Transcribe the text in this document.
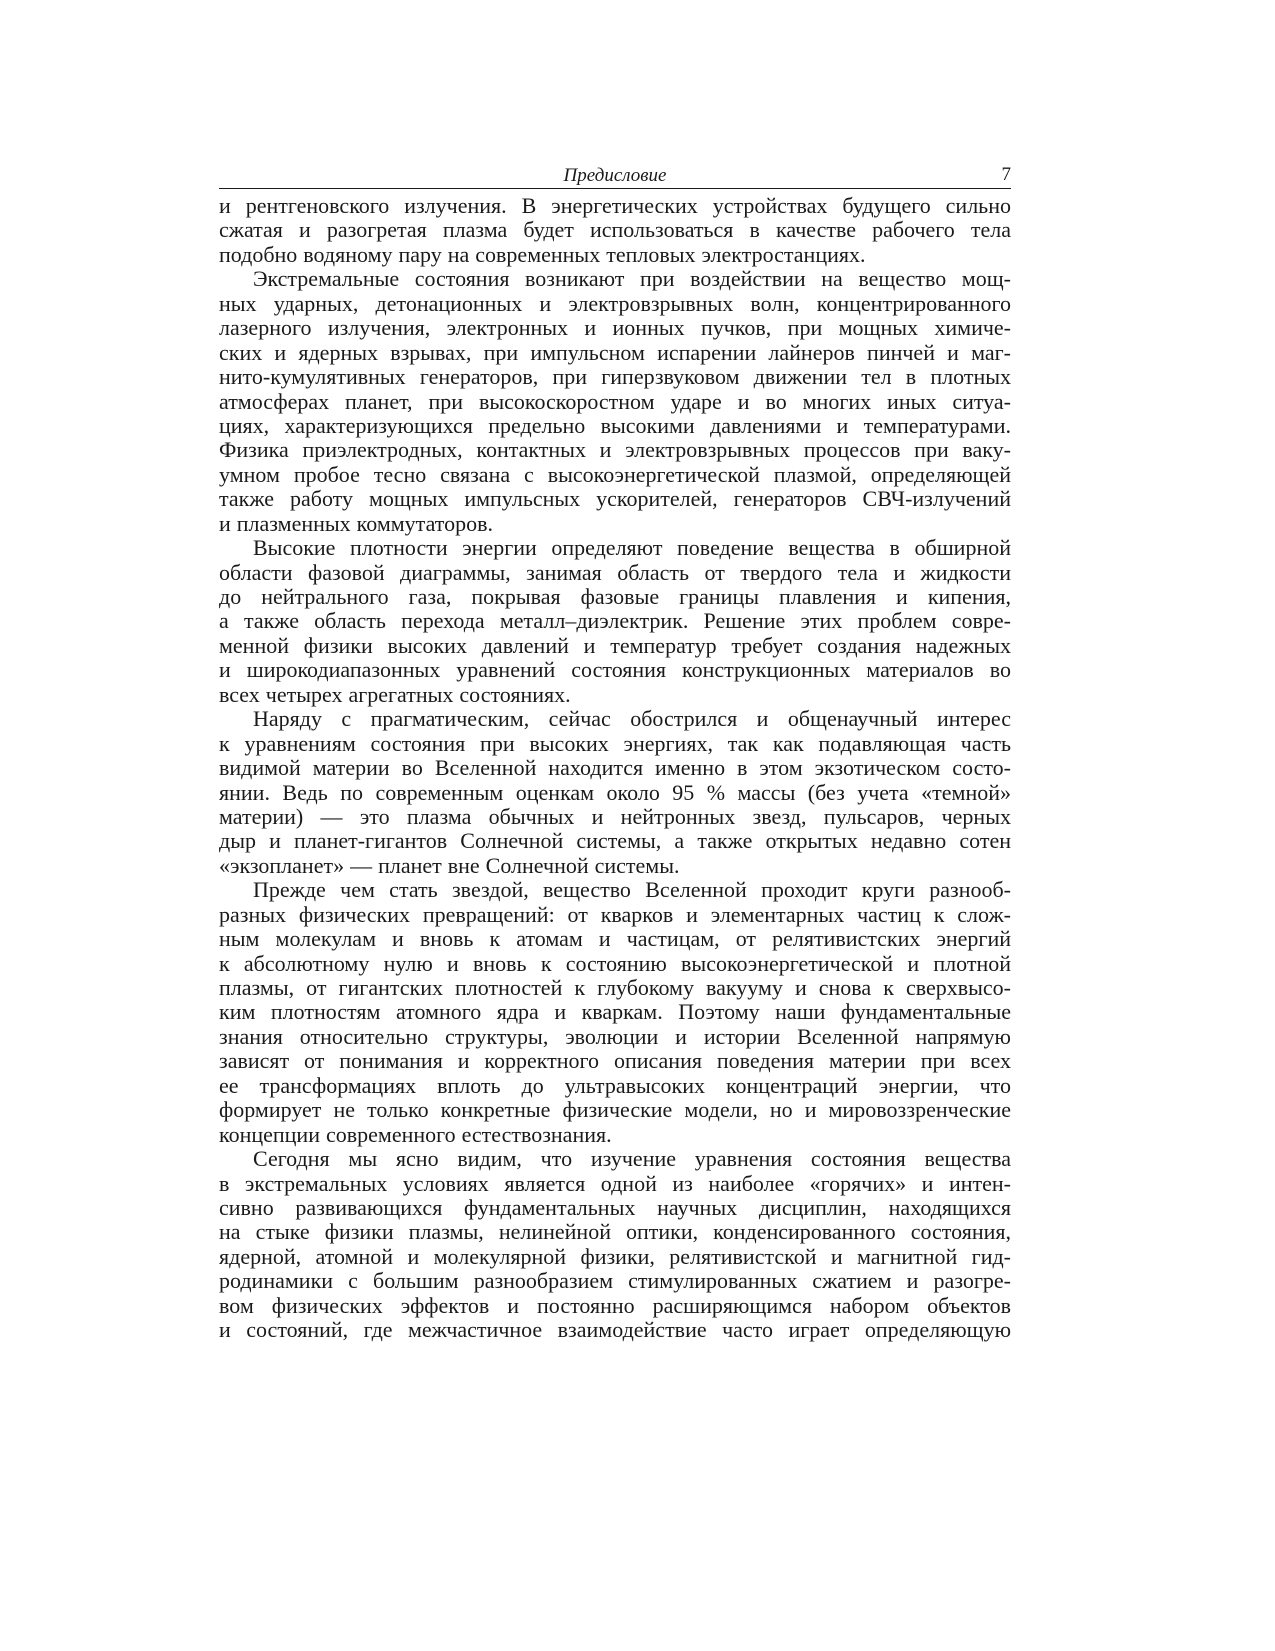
Предисловие	7
и рентгеновского излучения. В энергетических устройствах будущего сильно
сжатая и разогретая плазма будет использоваться в качестве рабочего тела
подобно водяному пару на современных тепловых электростанциях.
Экстремальные состояния возникают при воздействии на вещество мощ-
ных ударных, детонационных и электровзрывных волн, концентрированного
лазерного излучения, электронных и ионных пучков, при мощных химиче-
ских и ядерных взрывах, при импульсном испарении лайнеров пинчей и маг-
нито-кумулятивных генераторов, при гиперзвуковом движении тел в плотных
атмосферах планет, при высокоскоростном ударе и во многих иных ситуа-
циях, характеризующихся предельно высокими давлениями и температурами.
Физика приэлектродных, контактных и электровзрывных процессов при ваку-
умном пробое тесно связана с высокоэнергетической плазмой, определяющей
также работу мощных импульсных ускорителей, генераторов СВЧ-излучений
и плазменных коммутаторов.
Высокие плотности энергии определяют поведение вещества в обширной
области фазовой диаграммы, занимая область от твердого тела и жидкости
до нейтрального газа, покрывая фазовые границы плавления и кипения,
а также область перехода металл–диэлектрик. Решение этих проблем совре-
менной физики высоких давлений и температур требует создания надежных
и широкодиапазонных уравнений состояния конструкционных материалов во
всех четырех агрегатных состояниях.
Наряду с прагматическим, сейчас обострился и общенаучный интерес
к уравнениям состояния при высоких энергиях, так как подавляющая часть
видимой материи во Вселенной находится именно в этом экзотическом состо-
янии. Ведь по современным оценкам около 95 % массы (без учета «темной»
материи) — это плазма обычных и нейтронных звезд, пульсаров, черных
дыр и планет-гигантов Солнечной системы, а также открытых недавно сотен
«экзопланет» — планет вне Солнечной системы.
Прежде чем стать звездой, вещество Вселенной проходит круги разнооб-
разных физических превращений: от кварков и элементарных частиц к слож-
ным молекулам и вновь к атомам и частицам, от релятивистских энергий
к абсолютному нулю и вновь к состоянию высокоэнергетической и плотной
плазмы, от гигантских плотностей к глубокому вакууму и снова к сверхвысо-
ким плотностям атомного ядра и кваркам. Поэтому наши фундаментальные
знания относительно структуры, эволюции и истории Вселенной напрямую
зависят от понимания и корректного описания поведения материи при всех
ее трансформациях вплоть до ультравысоких концентраций энергии, что
формирует не только конкретные физические модели, но и мировоззренческие
концепции современного естествознания.
Сегодня мы ясно видим, что изучение уравнения состояния вещества
в экстремальных условиях является одной из наиболее «горячих» и интен-
сивно развивающихся фундаментальных научных дисциплин, находящихся
на стыке физики плазмы, нелинейной оптики, конденсированного состояния,
ядерной, атомной и молекулярной физики, релятивистской и магнитной гид-
родинамики с большим разнообразием стимулированных сжатием и разогре-
вом физических эффектов и постоянно расширяющимся набором объектов
и состояний, где межчастичное взаимодействие часто играет определяющую
